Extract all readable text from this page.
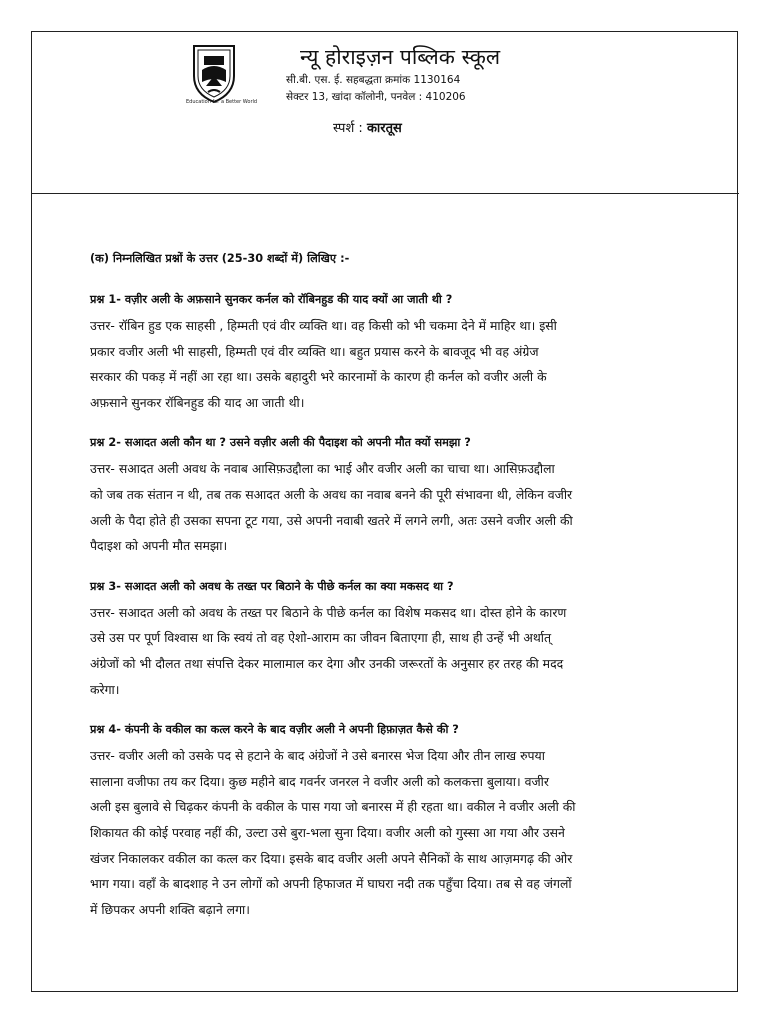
Education for a Better World
न्यू होराइज़न पब्लिक स्कूल
सी.बी. एस. ई. सहबद्धता क्रमांक 1130164
सेक्टर 13, खांदा कॉलोनी, पनवेल : 410206
स्पर्श : कारतूस
(क) निम्नलिखित प्रश्नों के उत्तर (25-30 शब्दों में) लिखिए :-
प्रश्न 1- वज़ीर अली के अफ़साने सुनकर कर्नल को रॉबिनहुड की याद क्यों आ जाती थी ?

उत्तर- रॉबिन हुड एक साहसी , हिम्मती एवं वीर व्यक्ति था। वह किसी को भी चकमा देने में माहिर था। इसी

प्रकार वजीर अली भी साहसी, हिम्मती एवं वीर व्यक्ति था। बहुत प्रयास करने के बावजूद भी वह अंग्रेज

सरकार की पकड़ में नहीं आ रहा था। उसके बहादुरी भरे कारनामों के कारण ही कर्नल को वजीर अली के

अफ़साने सुनकर रॉबिनहुड की याद आ जाती थी।

प्रश्न 2- सआदत अली कौन था ? उसने वज़ीर अली की पैदाइश को अपनी मौत क्यों समझा ?

उत्तर- सआदत अली अवध के नवाब आसिफ़उद्दौला का भाई और वजीर अली का चाचा था। आसिफ़उद्दौला

को जब तक संतान न थी, तब तक सआदत अली के अवध का नवाब बनने की पूरी संभावना थी, लेकिन वजीर

अली के पैदा होते ही उसका सपना टूट गया, उसे अपनी नवाबी खतरे में लगने लगी, अतः उसने वजीर अली की

पैदाइश को अपनी मौत समझा।

प्रश्न 3- सआदत अली को अवध के तख्त पर बिठाने के पीछे कर्नल का क्या मकसद था ?

उत्तर- सआदत अली को अवध के तख्त पर बिठाने के पीछे कर्नल का विशेष मकसद था। दोस्त होने के कारण

उसे उस पर पूर्ण विश्वास था कि स्वयं तो वह ऐशो-आराम का जीवन बिताएगा ही, साथ ही उन्हें भी अर्थात्

अंग्रेजों को भी दौलत तथा संपत्ति देकर मालामाल कर देगा और उनकी जरूरतों के अनुसार हर तरह की मदद

करेगा।

प्रश्न 4- कंपनी के वकील का कत्ल करने के बाद वज़ीर अली ने अपनी हिफ़ाज़त कैसे की ?

उत्तर- वजीर अली को उसके पद से हटाने के बाद अंग्रेजों ने उसे बनारस भेज दिया और तीन लाख रुपया

सालाना वजीफा तय कर दिया। कुछ महीने बाद गवर्नर जनरल ने वजीर अली को कलकत्ता बुलाया। वजीर

अली इस बुलावे से चिढ़कर कंपनी के वकील के पास गया जो बनारस में ही रहता था। वकील ने वजीर अली की

शिकायत की कोई परवाह नहीं की, उल्टा उसे बुरा-भला सुना दिया। वजीर अली को गुस्सा आ गया और उसने

खंजर निकालकर वकील का कत्ल कर दिया। इसके बाद वजीर अली अपने सैनिकों के साथ आज़मगढ़ की ओर

भाग गया। वहाँ के बादशाह ने उन लोगों को अपनी हिफाजत में घाघरा नदी तक पहुँचा दिया। तब से वह जंगलों

में छिपकर अपनी शक्ति बढ़ाने लगा।
